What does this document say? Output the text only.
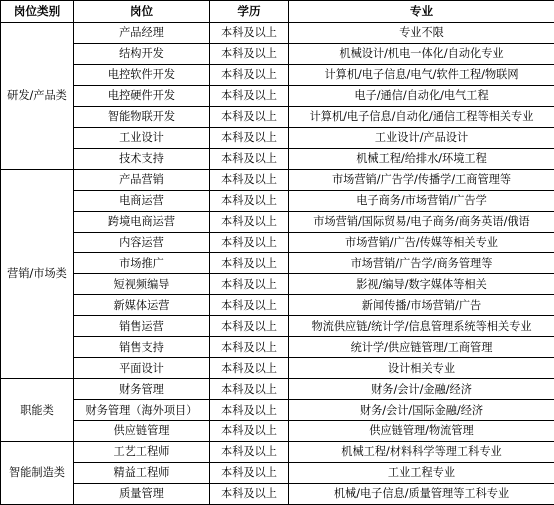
岗位类别	岗位	学历	专业
研发/产品类	产品经理	本科及以上	专业不限
	结构开发	本科及以上	机械设计/机电一体化/自动化专业
	电控软件开发	本科及以上	计算机/电子信息/电气/软件工程/物联网
	电控硬件开发	本科及以上	电子/通信/自动化/电气工程
	智能物联开发	本科及以上	计算机/电子信息/自动化/通信工程等相关专业
	工业设计	本科及以上	工业设计/产品设计
	技术支持	本科及以上	机械工程/给排水/环境工程
营销/市场类	产品营销	本科及以上	市场营销/广告学/传播学/工商管理等
	电商运营	本科及以上	电子商务/市场营销/广告学
	跨境电商运营	本科及以上	市场营销/国际贸易/电子商务/商务英语/俄语
	内容运营	本科及以上	市场营销/广告/传媒等相关专业
	市场推广	本科及以上	市场营销/广告学/商务管理等
	短视频编导	本科及以上	影视/编导/数字媒体等相关
	新媒体运营	本科及以上	新闻传播/市场营销/广告
	销售运营	本科及以上	物流供应链/统计学/信息管理系统等相关专业
	销售支持	本科及以上	统计学/供应链管理/工商管理
	平面设计	本科及以上	设计相关专业
职能类	财务管理	本科及以上	财务/会计/金融/经济
	财务管理（海外项目）	本科及以上	财务/会计/国际金融/经济
	供应链管理	本科及以上	供应链管理/物流管理
智能制造类	工艺工程师	本科及以上	机械工程/材料科学等理工科专业
	精益工程师	本科及以上	工业工程专业
	质量管理	本科及以上	机械/电子信息/质量管理等工科专业
